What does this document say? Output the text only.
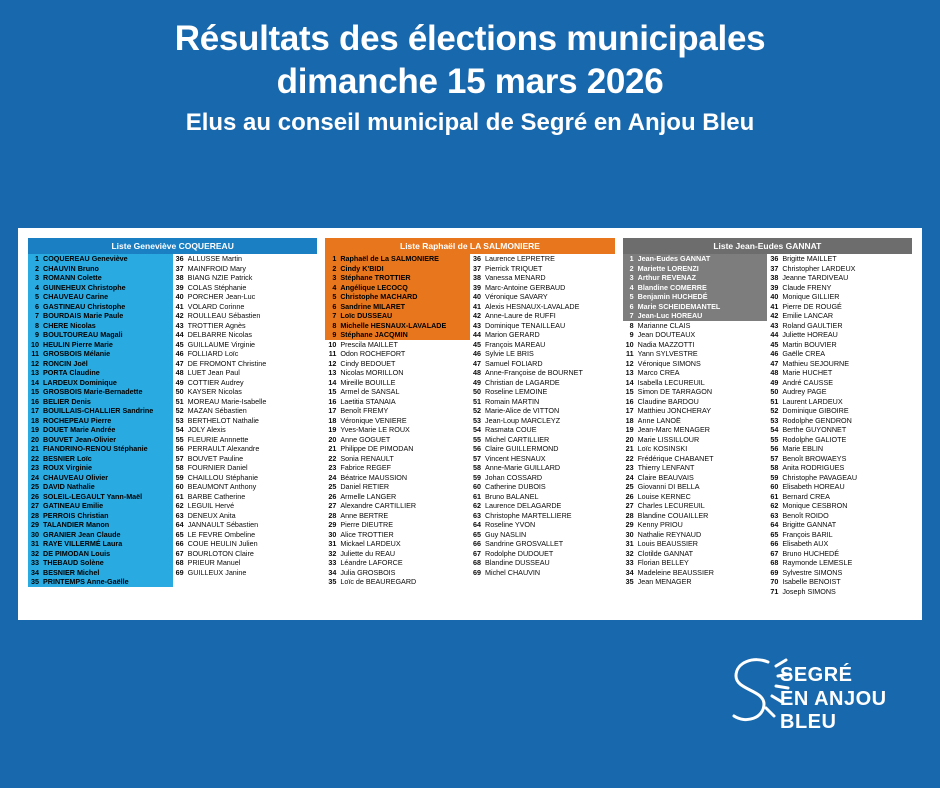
Résultats des élections municipales
dimanche 15 mars 2026
Elus au conseil municipal de Segré en Anjou Bleu
Liste Geneviève COQUEREAU
1 COQUEREAU Geneviève
2 CHAUVIN Bruno
3 ROMANN Colette
4 GUINEHEUX Christophe
5 CHAUVEAU Carine
6 GASTINEAU Christophe
7 BOURDAIS Marie Paule
8 CHERE Nicolas
9 BOULTOUREAU Magali
10 HEULIN Pierre Marie
11 GROSBOIS Mélanie
12 RONCIN Joël
13 PORTA Claudine
14 LARDEUX Dominique
15 GROSBOIS Marie-Bernadette
16 BELIER Denis
17 BOUILLAIS-CHALLIER Sandrine
18 ROCHEPEAU Pierre
19 DOUET Marie Andrée
20 BOUVET Jean-Olivier
21 FIANDRINO-RENOU Stéphanie
22 BESNIER Loïc
23 ROUX Virginie
24 CHAUVEAU Olivier
25 DAVID Nathalie
26 SOLEIL-LEGAULT Yann-Maël
27 GATINEAU Emilie
28 PERROIS Christian
29 TALANDIER Manon
30 GRANIER Jean Claude
31 RAYE VILLERMÉ Laura
32 DE PIMODAN Louis
33 THEBAUD Solène
34 BESNIER Michel
35 PRINTEMPS Anne-Gaëlle
36 ALLUSSE Martin
37 MAINFROID Mary
38 BIANG NZIE Patrick
39 COLAS Stéphanie
40 PORCHER Jean-Luc
41 VOLARD Corinne
42 ROULLEAU Sébastien
43 TROTTIER Agnès
44 DELBARRE Nicolas
45 GUILLAUME Virginie
46 FOLLIARD Loïc
47 DE FROMONT Christine
48 LUET Jean Paul
49 COTTIER Audrey
50 KAYSER Nicolas
51 MOREAU Marie-Isabelle
52 MAZAN Sébastien
53 BERTHELOT Nathalie
54 JOLY Alexis
55 FLEURIE Annnette
56 PERRAULT Alexandre
57 BOUVET Pauline
58 FOURNIER Daniel
59 CHAILLOU Stéphanie
60 BEAUMONT Anthony
61 BARBE Catherine
62 LEGUIL Hervé
63 DENEUX Anita
64 JANNAULT Sébastien
65 LE FEVRE Ombeline
66 COUE HEULIN Julien
67 BOURLOTON Claire
68 PRIEUR Manuel
69 GUILLEUX Janine
Liste Raphaël de LA SALMONIERE
1 Raphaël de La SALMONIERE
2 Cindy K'BIDI
3 Stéphane TROTTIER
4 Angélique LECOCQ
5 Christophe MACHARD
6 Sandrine MILARET
7 Loïc DUSSEAU
8 Michelle HESNAUX-LAVALADE
9 Stéphane JACQMIN
10 Prescila MAILLET
11 Odon ROCHEFORT
12 Cindy BEDOUET
13 Nicolas MORILLON
14 Mireille BOUILLE
15 Armel de SANSAL
16 Laetitia STANAIA
17 Benoît FREMY
18 Véronique VENIERE
19 Yves-Marie LE ROUX
20 Anne GOGUET
21 Philippe DE PIMODAN
22 Sonia RENAULT
23 Fabrice REGEF
24 Béatrice MAUSSION
25 Daniel RETIER
26 Armelle LANGER
27 Alexandre CARTILLIER
28 Anne BERTRE
29 Pierre DIEUTRE
30 Alice TROTTIER
31 Mickael LARDEUX
32 Juliette du REAU
33 Léandre LAFORCE
34 Julia GROSBOIS
35 Loïc de BEAUREGARD
36 Laurence LEPRETRE
37 Pierrick TRIQUET
38 Vanessa MENARD
39 Marc-Antoine GERBAUD
40 Véronique SAVARY
41 Alexis HESNAUX-LAVALADE
42 Anne-Laure de RUFFI
43 Dominique TENAILLEAU
44 Marion GERARD
45 François MAREAU
46 Sylvie LE BRIS
47 Samuel FOLIARD
48 Anne-Françoise de BOURNET
49 Christian de LAGARDE
50 Roseline LEMOINE
51 Romain MARTIN
52 Marie-Alice de VITTON
53 Jean-Loup MARCLEYZ
54 Rasmata COUE
55 Michel CARTILLIER
56 Claire GUILLERMOND
57 Vincent HESNAUX
58 Anne-Marie GUILLARD
59 Johan COSSARD
60 Catherine DUBOIS
61 Bruno BALANEL
62 Laurence DELAGARDE
63 Christophe MARTELLIERE
64 Roseline YVON
65 Guy NASLIN
66 Sandrine GROSVALLET
67 Rodolphe DUDOUET
68 Blandine DUSSEAU
69 Michel CHAUVIN
Liste Jean-Eudes GANNAT
1 Jean-Eudes GANNAT
2 Mariette LORENZI
3 Arthur REVENAZ
4 Blandine COMERRE
5 Benjamin HUCHEDÉ
6 Marie SCHEIDEMANTEL
7 Jean-Luc HOREAU
8 Marianne CLAIS
9 Jean DOUTEAUX
10 Nadia MAZZOTTI
11 Yann SYLVESTRE
12 Véronique SIMONS
13 Marco CREA
14 Isabella LECUREUIL
15 Simon DE TARRAGON
16 Claudine BARDOU
17 Matthieu JONCHERAY
18 Anne LANOË
19 Jean-Marc MENAGER
20 Marie LISSILLOUR
21 Loïc KOSINSKI
22 Frédérique CHABANET
23 Thierry LENFANT
24 Claire BEAUVAIS
25 Giovanni DI BELLA
26 Louise KERNEC
27 Charles LECUREUIL
28 Blandine COUAILLER
29 Kenny PRIOU
30 Nathalie REYNAUD
31 Louis BEAUSSIER
32 Clotilde GANNAT
33 Florian BELLEY
34 Madeleine BEAUSSIER
35 Jean MENAGER
36 Brigitte MAILLET
37 Christopher LARDEUX
38 Jeanne TARDIVEAU
39 Claude FRENY
40 Monique GILLIER
41 Pierre DE ROUGÉ
42 Emilie LANCAR
43 Roland GAULTIER
44 Juliette HOREAU
45 Martin BOUVIER
46 Gaëlle CREA
47 Mathieu SEJOURNE
48 Marie HUCHET
49 André CAUSSE
50 Audrey PAGE
51 Laurent LARDEUX
52 Dominique GIBOIRE
53 Rodolphe GENDRON
54 Berthe GUYONNET
55 Rodolphe GALIOTE
56 Marie EBLIN
57 Benoît BROWAEYS
58 Anita RODRIGUES
59 Christophe PAVAGEAU
60 Elisabeth HOREAU
61 Bernard CREA
62 Monique CESBRON
63 Benoît ROIDO
64 Brigitte GANNAT
65 François BARIL
66 Elisabeth AUX
67 Bruno HUCHEDÉ
68 Raymonde LEMESLE
69 Sylvestre SIMONS
70 Isabelle BENOIST
71 Joseph SIMONS
SEGRÉ
EN ANJOU
BLEU
